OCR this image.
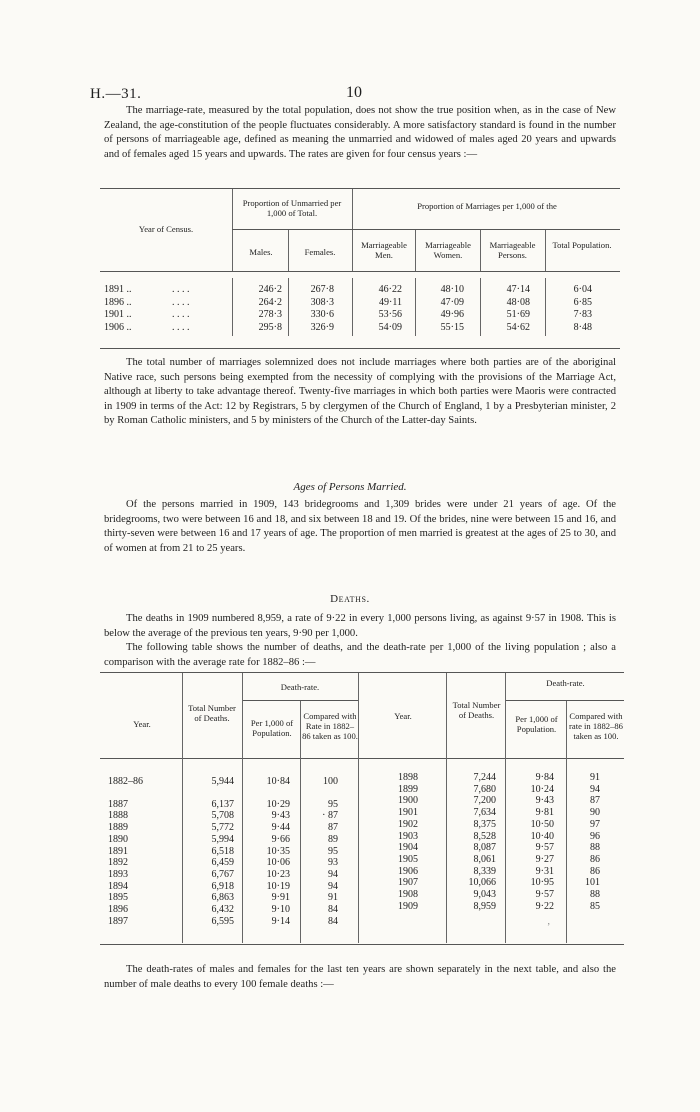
H.—31.	10

The marriage-rate, measured by the total population, does not show the true position when, as in the case of New Zealand, the age-constitution of the people fluctuates considerably. A more satisfactory standard is found in the number of persons of marriageable age, defined as meaning the unmarried and widowed of males aged 20 years and upwards and of females aged 15 years and upwards. The rates are given for four census years :—

Year of Census.
Proportion of Unmarried per 1,000 of Total.
Proportion of Marriages per 1,000 of the
Males.	Females.
Marriageable Men.
Marriageable Women.
Marriageable Persons.
Total Population.
1891 ..	. . . .	246·2	267·8	46·22	48·10	47·14	6·04
1896 ..	. . . .	264·2	308·3	49·11	47·09	48·08	6·85
1901 ..	. . . .	278·3	330·6	53·56	49·96	51·69	7·83
1906 ..	. . . .	295·8	326·9	54·09	55·15	54·62	8·48

The total number of marriages solemnized does not include marriages where both parties are of the aboriginal Native race, such persons being exempted from the necessity of complying with the provisions of the Marriage Act, although at liberty to take advantage thereof. Twenty-five marriages in which both parties were Maoris were contracted in 1909 in terms of the Act: 12 by Registrars, 5 by clergymen of the Church of England, 1 by a Presbyterian minister, 2 by Roman Catholic ministers, and 5 by ministers of the Church of the Latter-day Saints.

Ages of Persons Married.

Of the persons married in 1909, 143 bridegrooms and 1,309 brides were under 21 years of age. Of the bridegrooms, two were between 16 and 18, and six between 18 and 19. Of the brides, nine were between 15 and 16, and thirty-seven were between 16 and 17 years of age. The proportion of men married is greatest at the ages of 25 to 30, and of women at from 21 to 25 years.

Deaths.

The deaths in 1909 numbered 8,959, a rate of 9·22 in every 1,000 persons living, as against 9·57 in 1908. This is below the average of the previous ten years, 9·90 per 1,000.

The following table shows the number of deaths, and the death-rate per 1,000 of the living population ; also a comparison with the average rate for 1882–86 :—

Year.
Total Number of Deaths.
Death-rate.
Per 1,000 of Population.
Compared with Rate in 1882–86 taken as 100.
Year.
Total Number of Deaths.
Death-rate.
Per 1,000 of Population.
Compared with rate in 1882–86 taken as 100.
1882–86	5,944	10·84	100
1887	6,137	10·29	95
1888	5,708	9·43	· 87
1889	5,772	9·44	87
1890	5,994	9·66	89
1891	6,518	10·35	95
1892	6,459	10·06	93
1893	6,767	10·23	94
1894	6,918	10·19	94
1895	6,863	9·91	91
1896	6,432	9·10	84
1897	6,595	9·14	84
1898	7,244	9·84	91
1899	7,680	10·24	94
1900	7,200	9·43	87
1901	7,634	9·81	90
1902	8,375	10·50	97
1903	8,528	10·40	96
1904	8,087	9·57	88
1905	8,061	9·27	86
1906	8,339	9·31	86
1907	10,066	10·95	101
1908	9,043	9·57	88
1909	8,959	9·22	85
’

The death-rates of males and females for the last ten years are shown separately in the next table, and also the number of male deaths to every 100 female deaths :—
